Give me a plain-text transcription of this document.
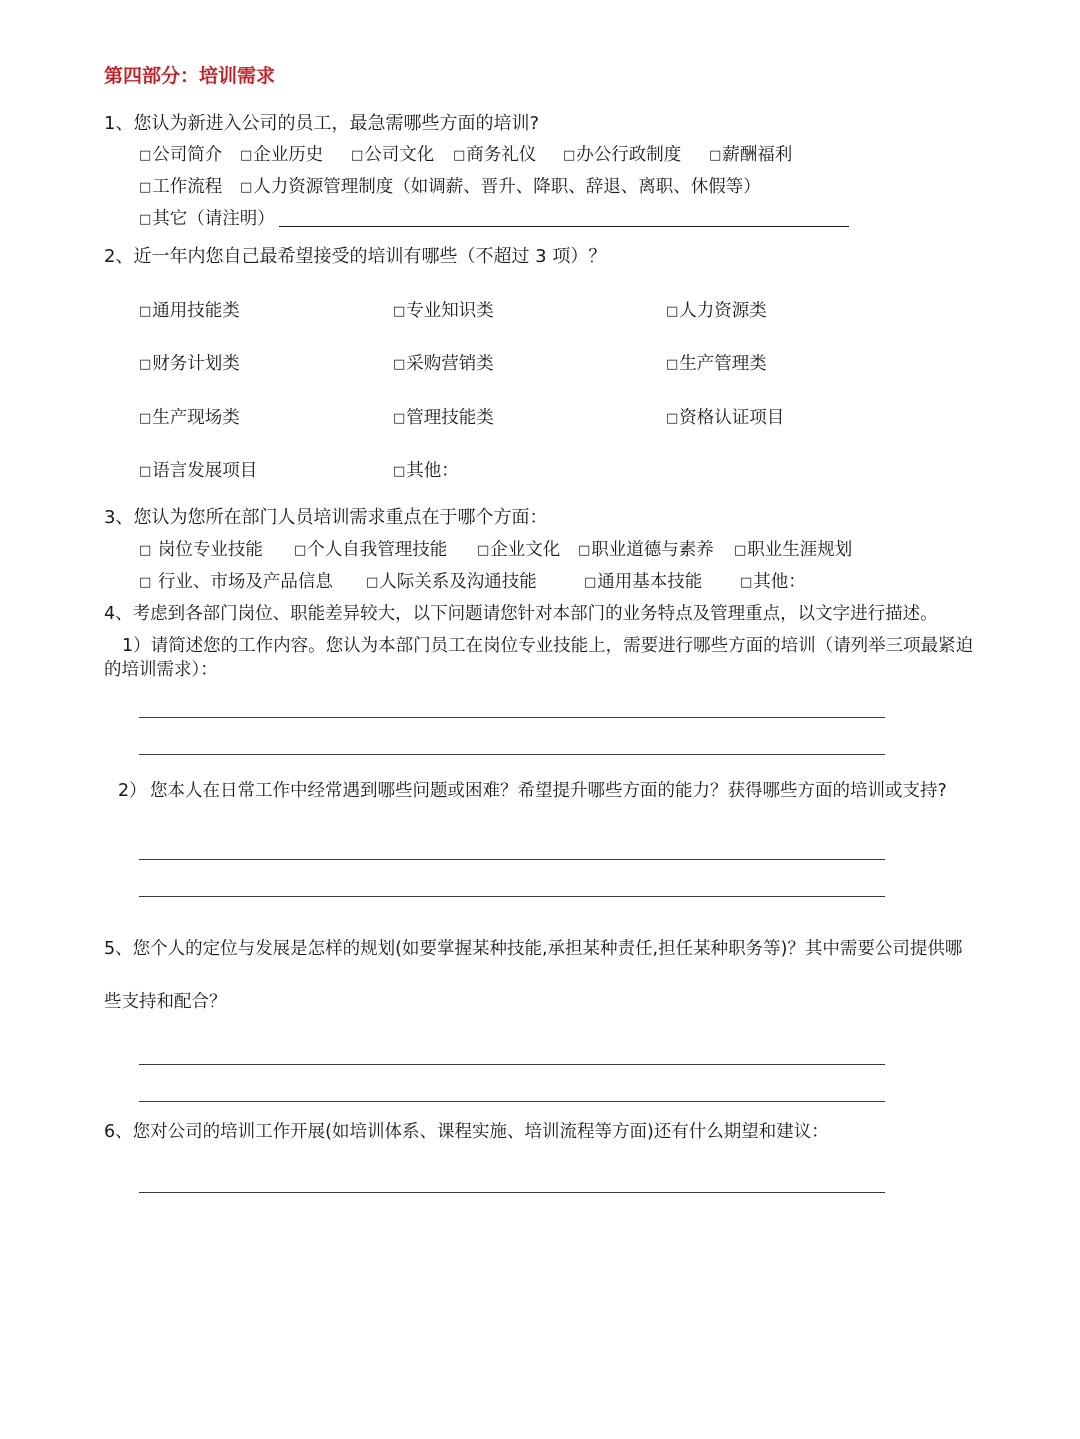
第四部分：培训需求
1、您认为新进入公司的员工，最急需哪些方面的培训?
□公司简介 □企业历史 □公司文化 □商务礼仪 □办公行政制度 □薪酬福利
□工作流程 □人力资源管理制度（如调薪、晋升、降职、辞退、离职、休假等）
□其它（请注明）
2、近一年内您自己最希望接受的培训有哪些（不超过 3 项）？
□通用技能类	□专业知识类	□人力资源类
□财务计划类	□采购营销类	□生产管理类
□生产现场类	□管理技能类	□资格认证项目
□语言发展项目	□其他：
3、您认为您所在部门人员培训需求重点在于哪个方面：
□ 岗位专业技能 □个人自我管理技能 □企业文化 □职业道德与素养 □职业生涯规划
□ 行业、市场及产品信息	□人际关系及沟通技能	□通用基本技能	□其他：
4、考虑到各部门岗位、职能差异较大，以下问题请您针对本部门的业务特点及管理重点，以文字进行描述。
1）请简述您的工作内容。您认为本部门员工在岗位专业技能上，需要进行哪些方面的培训（请列举三项最紧迫的培训需求）：
2） 您本人在日常工作中经常遇到哪些问题或困难？希望提升哪些方面的能力？获得哪些方面的培训或支持?
5、您个人的定位与发展是怎样的规划(如要掌握某种技能,承担某种责任,担任某种职务等)？其中需要公司提供哪
些支持和配合？
6、您对公司的培训工作开展(如培训体系、课程实施、培训流程等方面)还有什么期望和建议：
